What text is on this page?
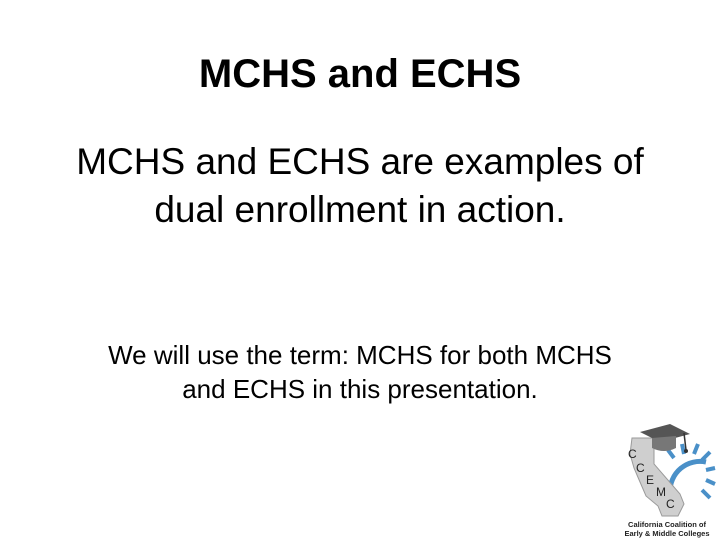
MCHS and ECHS
MCHS and ECHS are examples of
dual enrollment in action.
We will use the term: MCHS for both MCHS
and ECHS in this presentation.
C
C
E
M
C
California Coalition of
Early & Middle Colleges
